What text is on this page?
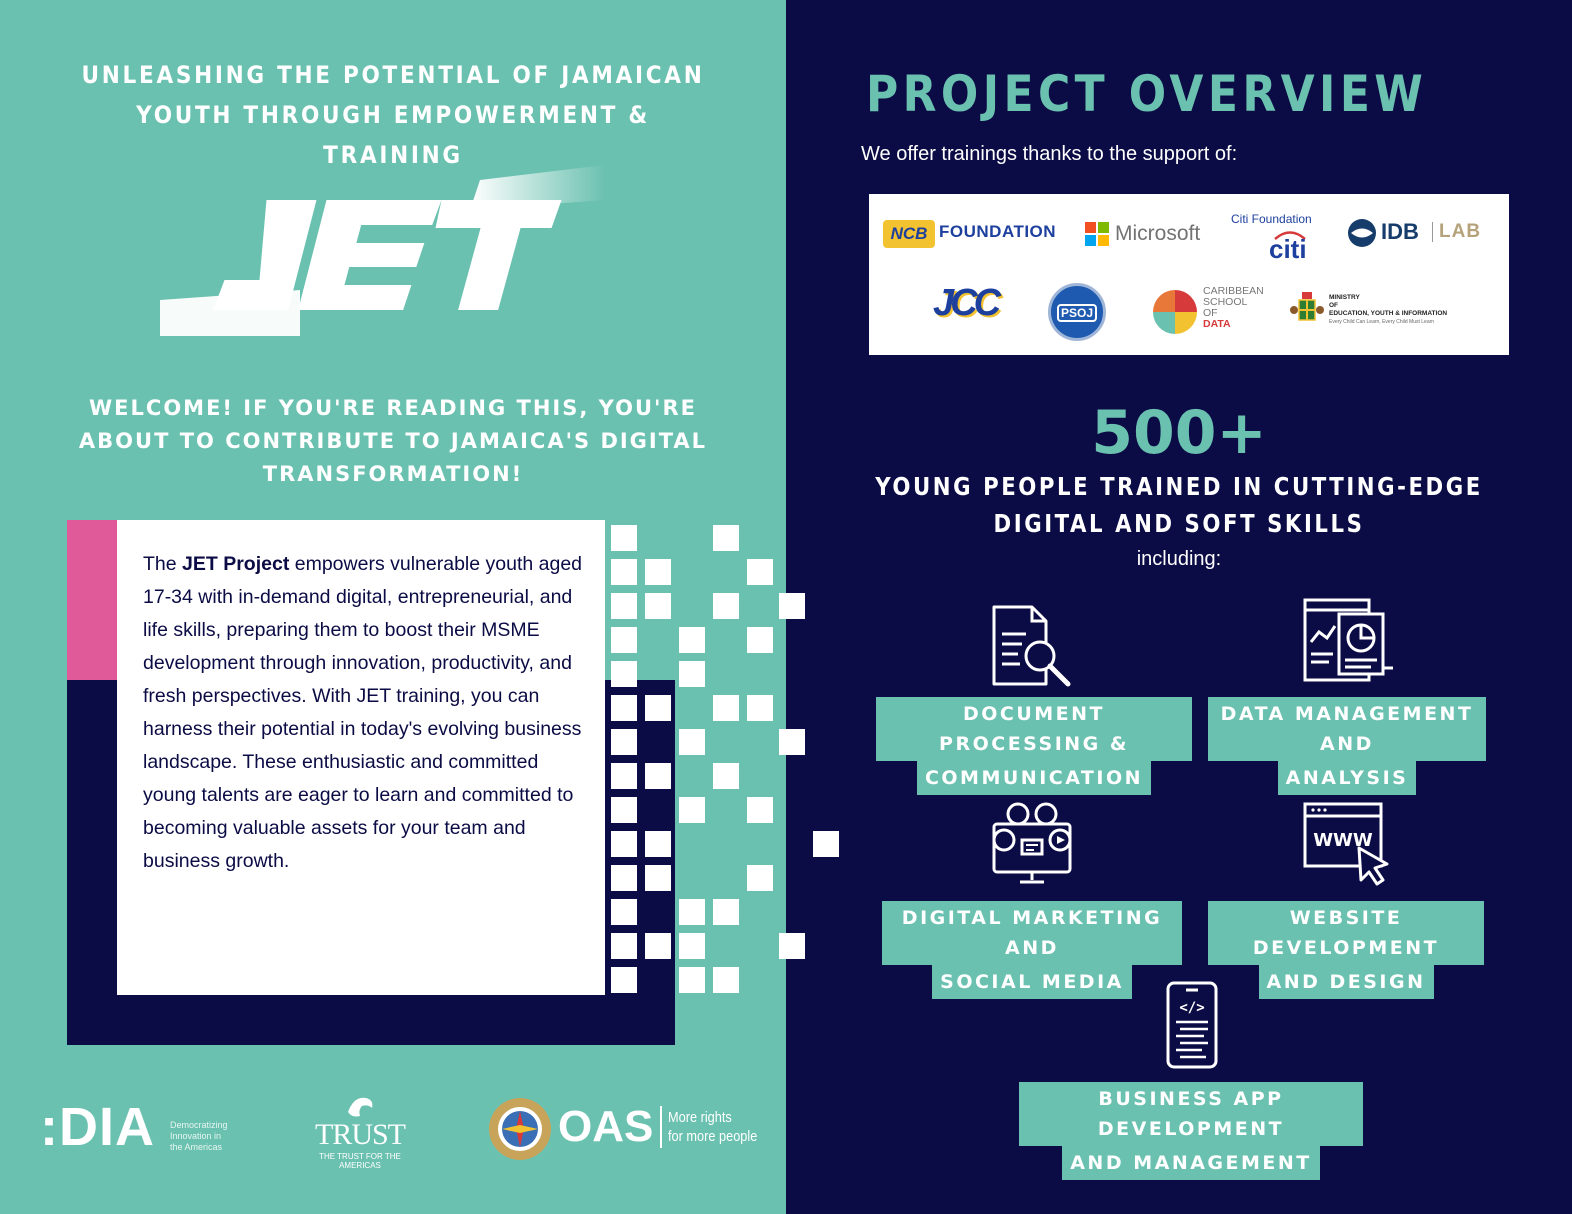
UNLEASHING THE POTENTIAL OF JAMAICAN
YOUTH THROUGH EMPOWERMENT & TRAINING
WELCOME! IF YOU'RE READING THIS, YOU'RE
ABOUT TO CONTRIBUTE TO JAMAICA'S DIGITAL
TRANSFORMATION!

The JET Project empowers vulnerable youth aged 17-34 with in-demand digital, entrepreneurial, and life skills, preparing them to boost their MSME development through innovation, productivity, and fresh perspectives. With JET training, you can harness their potential in today's evolving business landscape. These enthusiastic and committed young talents are eager to learn and committed to becoming valuable assets for your team and business growth.

:DIA Democratizing
Innovation in
the Americas	TRUST
THE TRUST FOR THE AMERICAS
OAS More rights
for more people
PROJECT OVERVIEW
We offer trainings thanks to the support of:
NCB FOUNDATION	Microsoft
Citi Foundation
citi
IDB LAB
JCC	PSOJ
CARIBBEAN
SCHOOL
OF
DATA
MINISTRY
OF
EDUCATION, YOUTH & INFORMATION
Every Child Can Learn, Every Child Must Learn
500+
YOUNG PEOPLE TRAINED IN CUTTING-EDGE
DIGITAL AND SOFT SKILLS
including:
DOCUMENT PROCESSING &
COMMUNICATION
DATA MANAGEMENT AND
ANALYSIS
DIGITAL MARKETING AND
SOCIAL MEDIA
WWW
WEBSITE DEVELOPMENT
AND DESIGN
</>
BUSINESS APP DEVELOPMENT
AND MANAGEMENT
